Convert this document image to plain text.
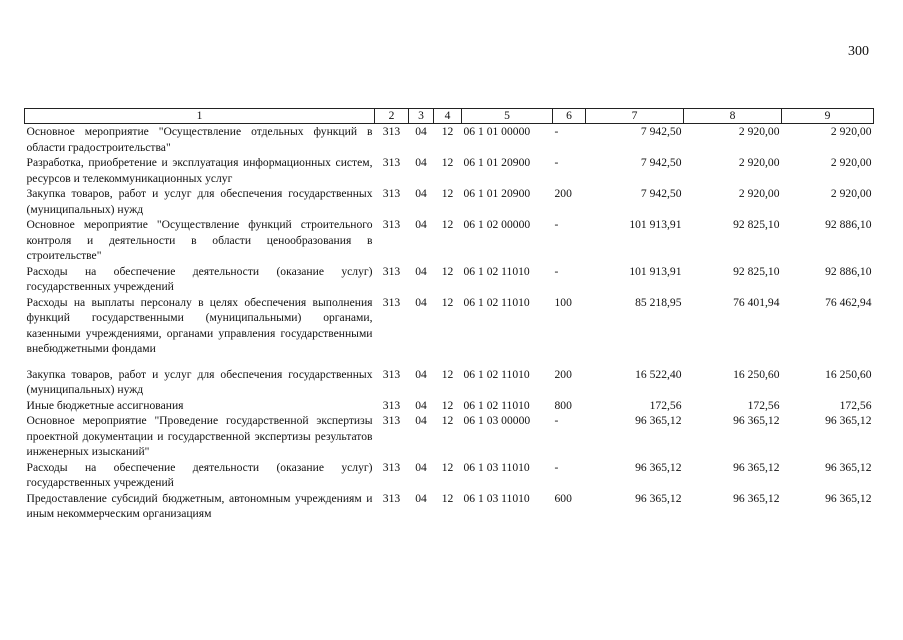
300
1	2	3	4	5	6	7	8	9
Основное мероприятие "Осуществление отдельных функций в области градостроительства"	313	04	12	06 1 01 00000	-	7 942,50	2 920,00	2 920,00
Разработка, приобретение и эксплуатация информационных систем, ресурсов и телекоммуникационных услуг	313	04	12	06 1 01 20900	-	7 942,50	2 920,00	2 920,00
Закупка товаров, работ и услуг для обеспечения государственных (муниципальных) нужд	313	04	12	06 1 01 20900	200	7 942,50	2 920,00	2 920,00
Основное мероприятие "Осуществление функций строительного контроля и деятельности в области ценообразования в строительстве"	313	04	12	06 1 02 00000	-	101 913,91	92 825,10	92 886,10
Расходы на обеспечение деятельности (оказание услуг) государственных учреждений	313	04	12	06 1 02 11010	-	101 913,91	92 825,10	92 886,10
Расходы на выплаты персоналу в целях обеспечения выполнения функций государственными (муниципальными) органами, казенными учреждениями, органами управления государственными внебюджетными фондами	313	04	12	06 1 02 11010	100	85 218,95	76 401,94	76 462,94
Закупка товаров, работ и услуг для обеспечения государственных (муниципальных) нужд	313	04	12	06 1 02 11010	200	16 522,40	16 250,60	16 250,60
Иные бюджетные ассигнования	313	04	12	06 1 02 11010	800	172,56	172,56	172,56
Основное мероприятие "Проведение государственной экспертизы проектной документации и государственной экспертизы результатов инженерных изысканий"	313	04	12	06 1 03 00000	-	96 365,12	96 365,12	96 365,12
Расходы на обеспечение деятельности (оказание услуг) государственных учреждений	313	04	12	06 1 03 11010	-	96 365,12	96 365,12	96 365,12
Предоставление субсидий бюджетным, автономным учреждениям и иным некоммерческим организациям	313	04	12	06 1 03 11010	600	96 365,12	96 365,12	96 365,12
